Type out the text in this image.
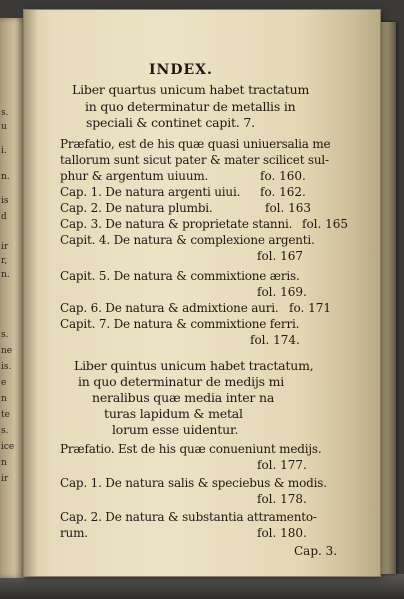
s.
u
i.
n.
is
d
ir
r,
n.
s.
ne
is.
e
n
te
s.
ice
n
ir
INDEX.
Liber quartus unicum habet tractatum
in quo determinatur de metallis in
speciali & continet capit. 7.
Præfatio, est de his quæ quasi uniuersalia me
tallorum sunt sicut pater & mater scilicet sul-
phur & argentum uiuum.	fo. 160.
Cap. 1. De natura argenti uiui. fo. 162.
Cap. 2. De natura plumbi.	fol. 163
Cap. 3. De natura & proprietate stanni. fol. 165
Capit. 4. De natura & complexione argenti.
fol. 167
Capit. 5. De natura & commixtione æris.
fol. 169.
Cap. 6. De natura & admixtione auri. fo. 171
Capit. 7. De natura & commixtione ferri.
fol. 174.
Liber quintus unicum habet tractatum,
in quo determinatur de medijs mi
neralibus quæ media inter na
turas lapidum & metal
lorum esse uidentur.
Præfatio. Est de his quæ conueniunt medijs.
fol. 177.
Cap. 1. De natura salis & speciebus & modis.
fol. 178.
Cap. 2. De natura & substantia attramento-
rum.	fol. 180.
Cap. 3.
